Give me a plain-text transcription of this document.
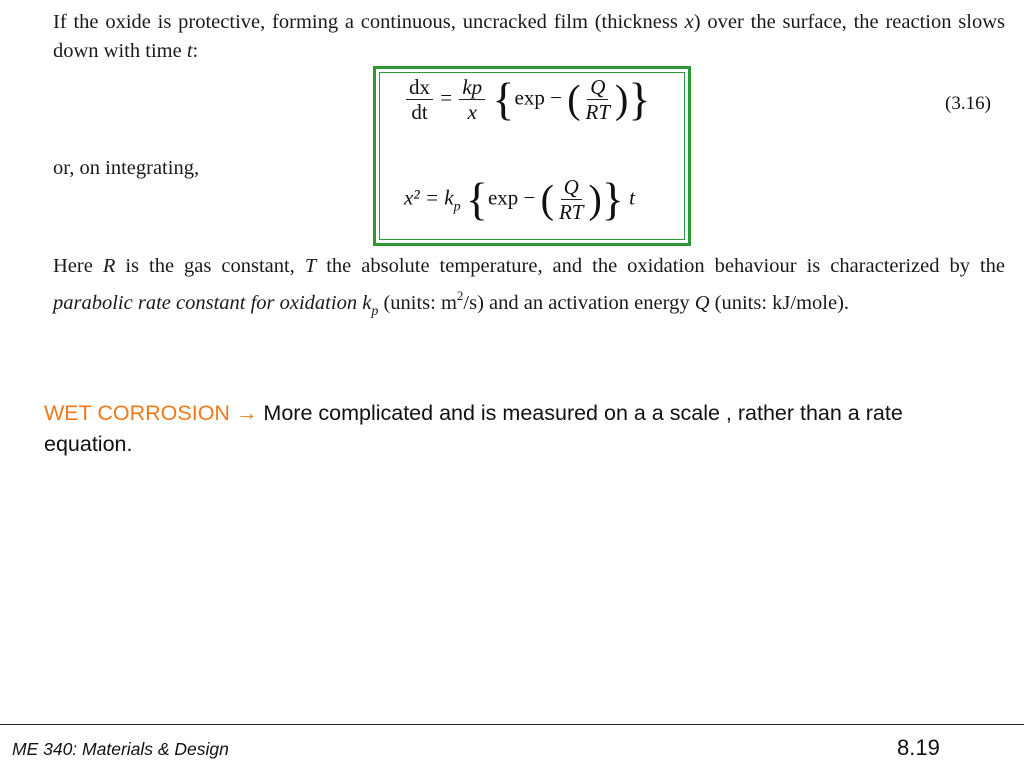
If the oxide is protective, forming a continuous, uncracked film (thickness x) over the surface, the reaction slows down with time t:
or, on integrating,
Here R is the gas constant, T the absolute temperature, and the oxidation behaviour is characterized by the parabolic rate constant for oxidation $k_p$ (units: $m^2/s$) and an activation energy Q (units: kJ/mole).
(3.16)
$\frac{dx}{dt} = \frac{kp}{x} \{\exp$ − ( $\frac{Q}{RT}$ )}
$x^2 = k_p$ {exp − ( $\frac{Q}{RT}$ )} t
WET CORROSION → More complicated and is measured on a a scale , rather than a rate equation.
ME 340: Materials & Design	8.19
